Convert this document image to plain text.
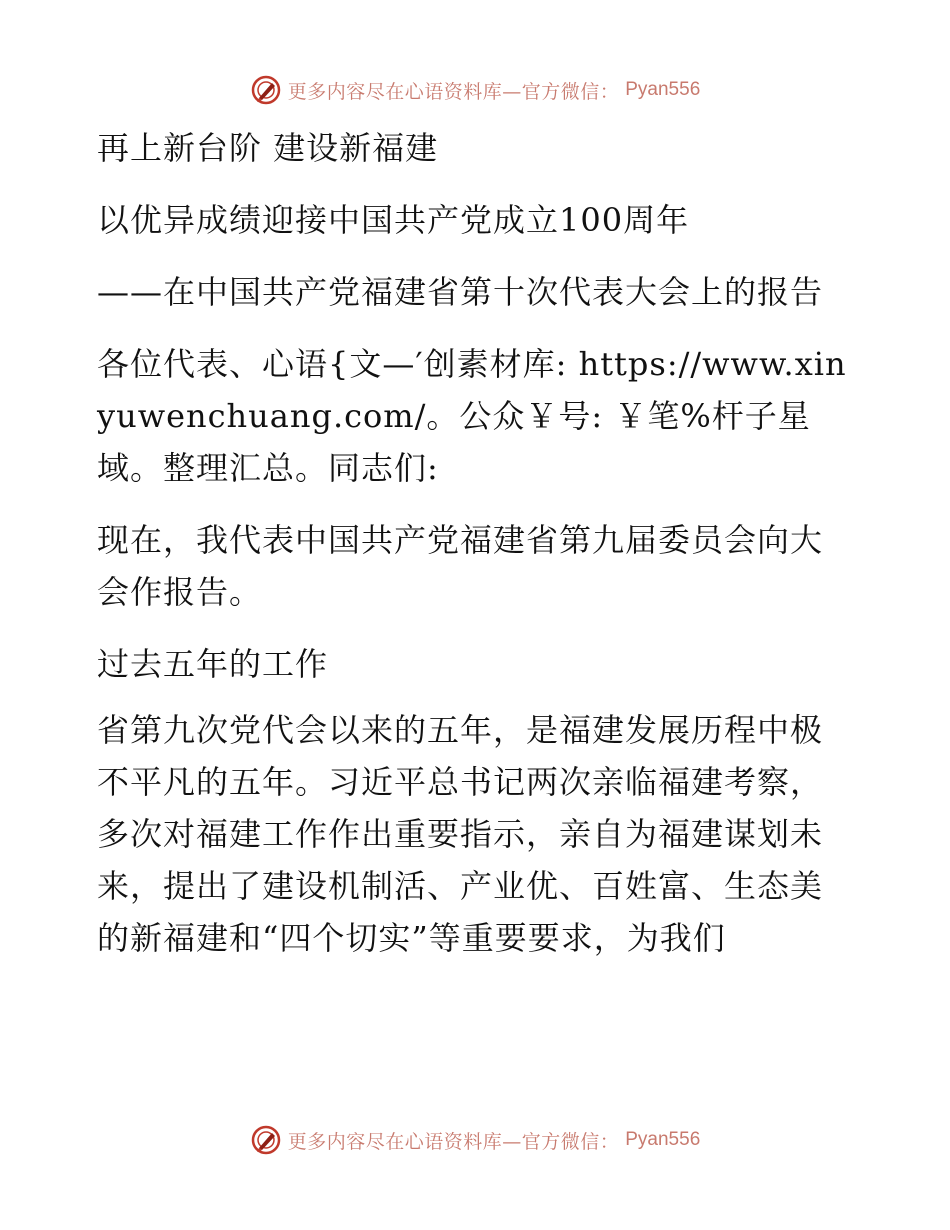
更多内容尽在心语资料库—官方微信： Pyan556

再上新台阶 建设新福建

以优异成绩迎接中国共产党成立100周年

——在中国共产党福建省第十次代表大会上的报告

各位代表、心语{文—′创素材库: https://www.xinyuwenchuang.com/。公众￥号: ￥笔%杆子星域。整理汇总。同志们:

现在，我代表中国共产党福建省第九届委员会向大会作报告。

过去五年的工作

省第九次党代会以来的五年，是福建发展历程中极不平凡的五年。习近平总书记两次亲临福建考察，多次对福建工作作出重要指示，亲自为福建谋划未来，提出了建设机制活、产业优、百姓富、生态美的新福建和“四个切实”等重要要求，为我们

更多内容尽在心语资料库—官方微信： Pyan556
